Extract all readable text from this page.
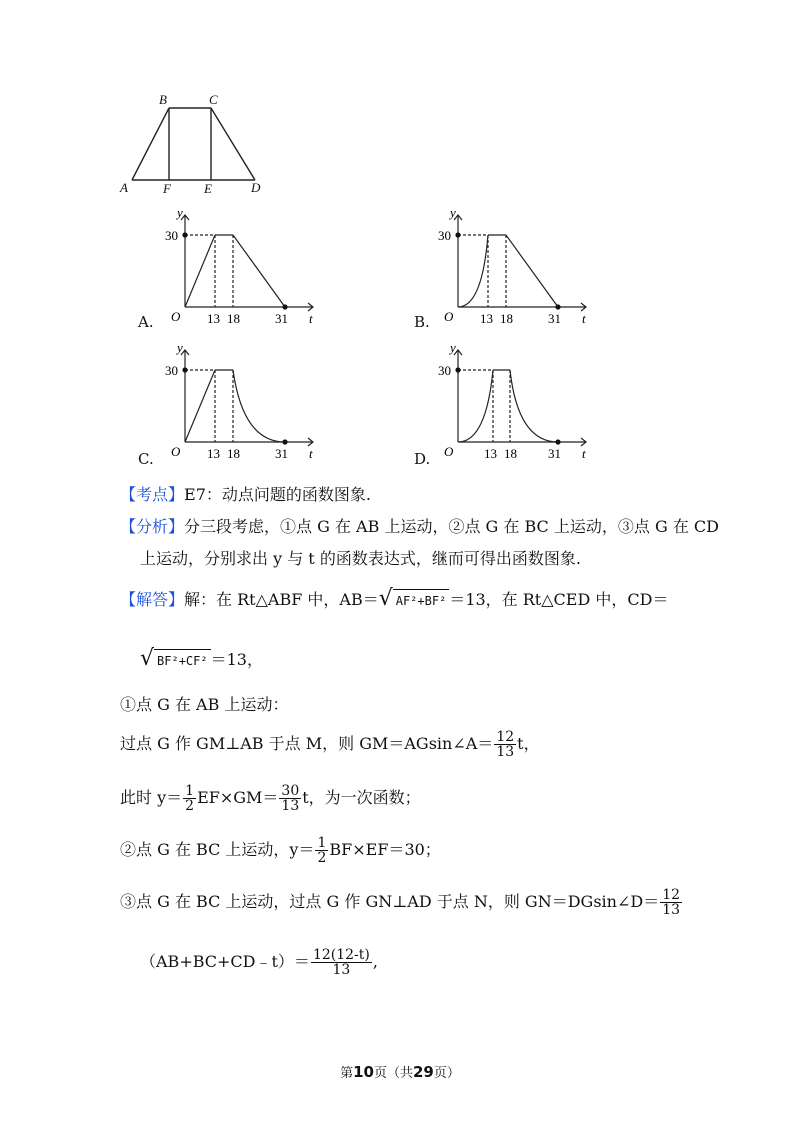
B	C
A	F	E	D
A.
y
30
O 13 18	31 t	B.
y
30
O 13 18	31 t
C.
y
30
O 13 18	31 t	D.
y
30
O 13 18 31 t
【考点】E7：动点问题的函数图象.
【分析】分三段考虑，①点 G 在 AB 上运动，②点 G 在 BC 上运动，③点 G 在 CD
上运动，分别求出 y 与 t 的函数表达式，继而可得出函数图象.
【解答】解：在 Rt△ABF 中，AB＝√ AF²+BF² ＝13，在 Rt△CED 中，CD＝
√ BF²+CF² ＝13，
①点 G 在 AB 上运动：
过点 G 作 GM⊥AB 于点 M，则 GM＝AGsin∠A＝ $\frac{12}{13}$ t，
此时 $y= \frac{1}{2} EF\times GM= \frac{30}{13}$ t，为一次函数；
②点 G 在 BC 上运动，$y= \frac{1}{2} BF\times EF=30$；
③点 G 在 BC 上运动，过点 G 作 GN⊥AD 于点 N，则 GN＝DGsin∠D＝ $\frac{12}{13}$
（AB+BC+CD﹣t）＝ $\frac{12(12-t)}{13}$ ,
第10页（共29页）
